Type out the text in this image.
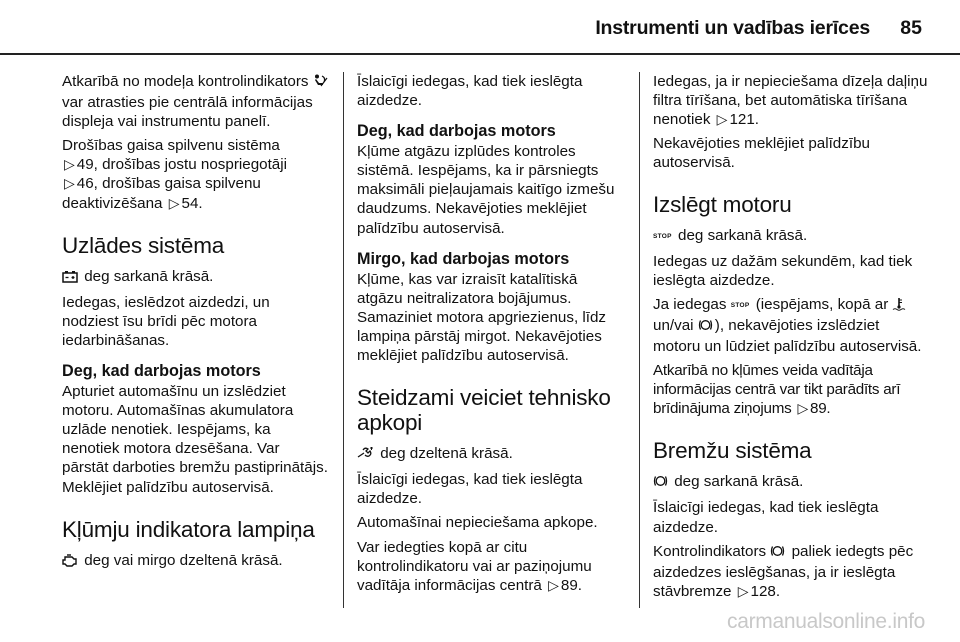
Instrumenti un vadības ierīces 85

Atkarībā no modeļa kontrolindikators  var atrasties pie centrālā informācijas displeja vai instrumentu panelī.

Drošības gaisa spilvenu sistēma
▷ 49, drošības jostu nospriegotāji
▷ 46, drošības gaisa spilvenu deaktivizēšana ▷ 54.

Uzlādes sistēma

deg sarkanā krāsā.

Iedegas, ieslēdzot aizdedzi, un nodziest īsu brīdi pēc motora iedarbināšanas.

Deg, kad darbojas motors

Apturiet automašīnu un izslēdziet motoru. Automašīnas akumulatora uzlāde nenotiek. Iespējams, ka nenotiek motora dzesēšana. Var pārstāt darboties bremžu pastiprinātājs. Meklējiet palīdzību autoservisā.

Kļūmju indikatora lampiņa

deg vai mirgo dzeltenā krāsā.

Īslaicīgi iedegas, kad tiek ieslēgta aizdedze.

Deg, kad darbojas motors

Kļūme atgāzu izplūdes kontroles sistēmā. Iespējams, ka ir pārsniegts maksimāli pieļaujamais kaitīgo izmešu daudzums. Nekavējoties meklējiet palīdzību autoservisā.

Mirgo, kad darbojas motors

Kļūme, kas var izraisīt katalītiskā atgāzu neitralizatora bojājumus. Samaziniet motora apgriezienus, līdz lampiņa pārstāj mirgot. Nekavējoties meklējiet palīdzību autoservisā.

Steidzami veiciet tehnisko apkopi

deg dzeltenā krāsā.

Īslaicīgi iedegas, kad tiek ieslēgta aizdedze.

Automašīnai nepieciešama apkope.

Var iedegties kopā ar citu kontrolindikatoru vai ar paziņojumu vadītāja informācijas centrā ▷ 89.

Iedegas, ja ir nepieciešama dīzeļa daļiņu filtra tīrīšana, bet automātiska tīrīšana nenotiek ▷ 121.

Nekavējoties meklējiet palīdzību autoservisā.

Izslēgt motoru

STOP deg sarkanā krāsā.

Iedegas uz dažām sekundēm, kad tiek ieslēgta aizdedze.

Ja iedegas STOP (iespējams, kopā ar  un/vai ), nekavējoties izslēdziet motoru un lūdziet palīdzību autoservisā.

Atkarībā no kļūmes veida vadītāja informācijas centrā var tikt parādīts arī brīdinājuma ziņojums ▷ 89.

Bremžu sistēma

deg sarkanā krāsā.

Īslaicīgi iedegas, kad tiek ieslēgta aizdedze.

Kontrolindikators paliek iedegts pēc aizdedzes ieslēgšanas, ja ir ieslēgta stāvbremze ▷ 128.

carmanualsonline.info
